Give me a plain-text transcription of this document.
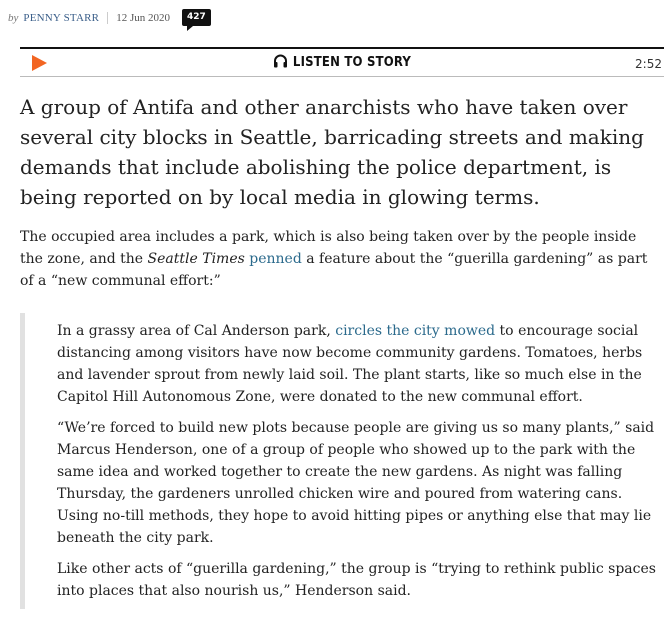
by PENNY STARR 12 Jun 2020	427
LISTEN TO STORY	2:52

A group of Antifa and other anarchists who have taken over several city blocks in Seattle, barricading streets and making demands that include abolishing the police department, is being reported on by local media in glowing terms.

The occupied area includes a park, which is also being taken over by the people inside the zone, and the Seattle Times penned a feature about the “guerilla gardening” as part of a “new communal effort:”

In a grassy area of Cal Anderson park, circles the city mowed to encourage social distancing among visitors have now become community gardens. Tomatoes, herbs and lavender sprout from newly laid soil. The plant starts, like so much else in the Capitol Hill Autonomous Zone, were donated to the new communal effort.

“We’re forced to build new plots because people are giving us so many plants,” said Marcus Henderson, one of a group of people who showed up to the park with the same idea and worked together to create the new gardens. As night was falling Thursday, the gardeners unrolled chicken wire and poured from watering cans. Using no-till methods, they hope to avoid hitting pipes or anything else that may lie beneath the city park.

Like other acts of “guerilla gardening,” the group is “trying to rethink public spaces into places that also nourish us,” Henderson said.
